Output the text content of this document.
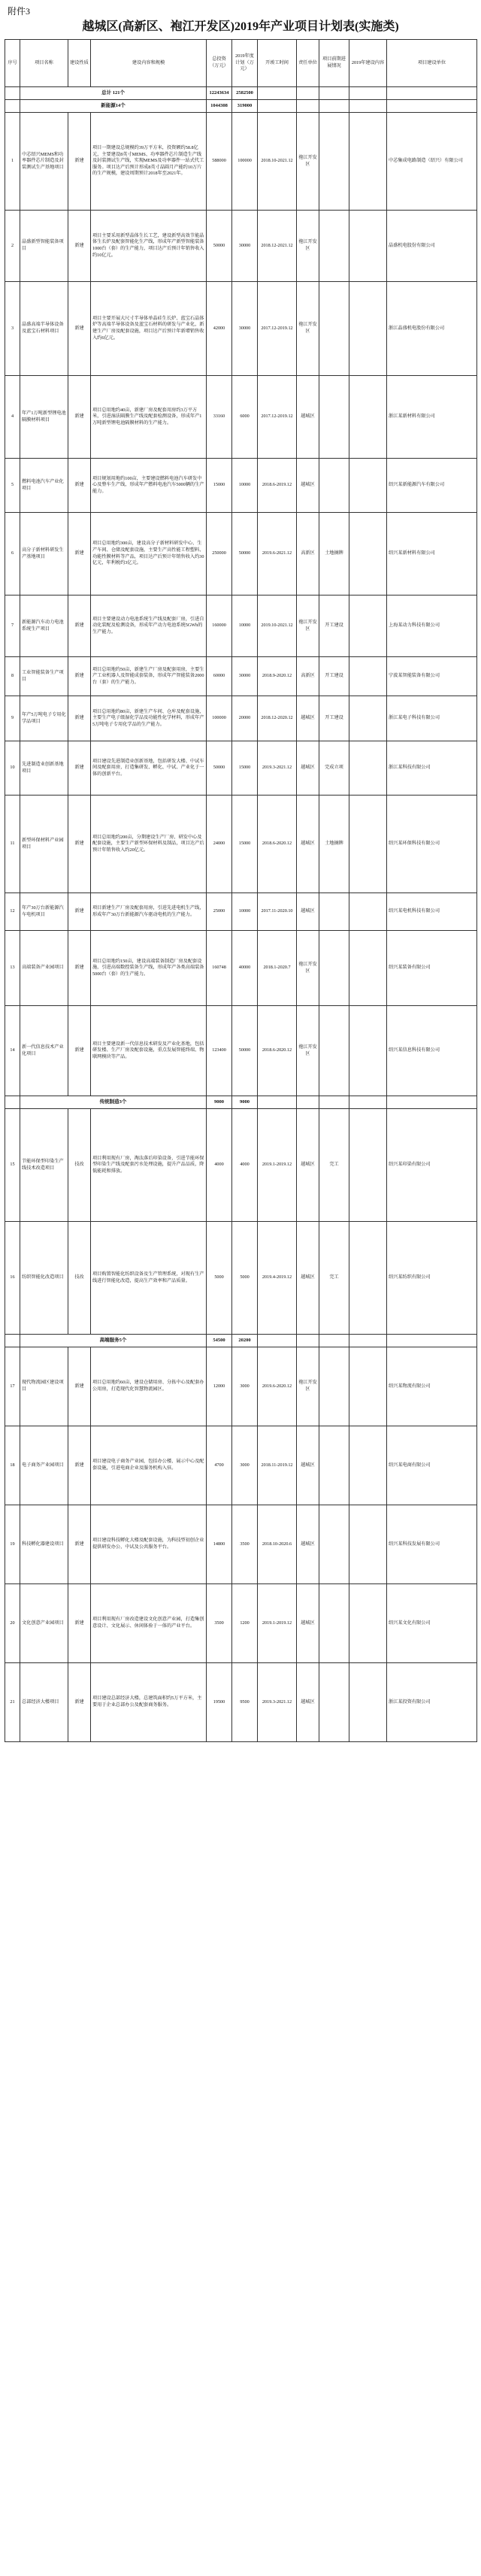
附件3
越城区(高新区、袍江开发区)2019年产业项目计划表(实施类)
序号	项目名称	建设性质	建设内容和规模	总投资（万元）	2019年度计划（万元）	开竣工时间	责任单位	项目前期进展情况	2019年建设内容	项目建设单位
	总计 121个			12243634	2582500					
	新能源14个			1044308	319000					
1	中芯绍兴MEMS和功率器件芯片制造及封装测试生产基地项目	新建	项目一期建设总规模约39万平方米，投资额约58.8亿元，主要建设8英寸MEMS、功率器件芯片制造生产线及封装测试生产线，实现MEMS及功率器件一站式代工服务。项目达产后预计形成8英寸晶圆月产能约10万片的生产规模，建设周期预计2018年至2021年。	588000	100000	2018.10-2021.12	袍江开发区			中芯集成电路制造（绍兴）有限公司
2	晶盛新型智能装备项目	新建	项目主要采用新型晶体生长工艺，建设新型高效节能晶体生长炉及配套智能化生产线，形成年产新型智能装备1000台（套）的生产能力，项目达产后预计年销售收入约10亿元。	50000	30000	2018.12-2021.12	袍江开发区			晶盛机电股份有限公司
3	晶盛高端半导体设备及蓝宝石材料项目	新建	项目主要开展大尺寸半导体单晶硅生长炉、蓝宝石晶体炉等高端半导体设备及蓝宝石材料的研发与产业化，新建生产厂房及配套设施，项目达产后预计年新增销售收入约6亿元。	42000	30000	2017.12-2019.12	袍江开发区			浙江晶盛机电股份有限公司
4	年产1万吨新型锂电池隔膜材料项目	新建	项目总用地约40亩，新建厂房及配套用房约3万平方米，引进湿法隔膜生产线及配套检测设备，形成年产1万吨新型锂电池隔膜材料的生产能力。	33160	6000	2017.12-2019.12	越城区			浙江某新材料有限公司
5	燃料电池汽车产业化项目	新建	项目规划用地约100亩，主要建设燃料电池汽车研发中心及整车生产线，形成年产燃料电池汽车5000辆的生产能力。	15000	10000	2018.6-2019.12	越城区			绍兴某新能源汽车有限公司
6	高分子新材料研发生产基地项目	新建	项目总用地约300亩，建设高分子新材料研发中心、生产车间、仓储及配套设施，主要生产高性能工程塑料、功能性膜材料等产品，项目达产后预计年销售收入约30亿元，年利税约3亿元。	250000	50000	2019.6-2021.12	高新区	土地摘牌		绍兴某新材料有限公司
7	新能源汽车动力电池系统生产项目	新建	项目主要建设动力电池系统生产线及配套厂房，引进自动化装配及检测设备，形成年产动力电池系统5GWh的生产能力。	160000	10000	2019.10-2021.12	袍江开发区	开工建设		上海某动力科技有限公司
8	工业智能装备生产项目	新建	项目总用地约50亩，新建生产厂房及配套用房，主要生产工业机器人及智能成套装备，形成年产智能装备2000台（套）的生产能力。	60000	30000	2018.9-2020.12	高新区	开工建设		宁波某智能装备有限公司
9	年产5万吨电子专用化学品项目	新建	项目总用地约80亩，新建生产车间、仓库及配套设施，主要生产电子级湿化学品及功能性化学材料，形成年产5万吨电子专用化学品的生产能力。	100000	20000	2018.12-2020.12	越城区	开工建设		浙江某电子科技有限公司
10	先进制造业创新基地项目	新建	项目建设先进制造业创新基地，包括研发大楼、中试车间及配套用房，打造集研发、孵化、中试、产业化于一体的创新平台。	50000	15000	2019.3-2021.12	越城区	完成立项		浙江某科技有限公司
11	新型环保材料产业园项目	新建	项目总用地约200亩，分期建设生产厂房、研发中心及配套设施，主要生产新型环保材料及制品，项目达产后预计年销售收入约20亿元。	24000	15000	2018.6-2020.12	越城区	土地摘牌		绍兴某环保科技有限公司
12	年产30万台新能源汽车电机项目	新建	项目新建生产厂房及配套用房，引进先进电机生产线，形成年产30万台新能源汽车驱动电机的生产能力。	25000	10000	2017.11-2020.10	越城区			绍兴某电机科技有限公司
13	高端装备产业园项目	新建	项目总用地约150亩，建设高端装备制造厂房及配套设施，引进高端数控装备生产线，形成年产各类高端装备5000台（套）的生产能力。	160748	40000	2018.1-2020.7	袍江开发区			绍兴某装备有限公司
14	新一代信息技术产业化项目	新建	项目主要建设新一代信息技术研发及产业化基地，包括研发楼、生产厂房及配套设施，重点发展智能终端、物联网模块等产品。	123400	50000	2018.6-2020.12	袍江开发区			绍兴某信息科技有限公司
	传统制造3个			9000	9000					
15	节能环保型印染生产线技术改造项目	技改	项目利用现有厂房，淘汰落后印染设备，引进节能环保型印染生产线及配套污水处理设施，提升产品品质，降低能耗和排放。	4000	4000	2019.1-2019.12	越城区	完工		绍兴某印染有限公司
16	纺织智能化改造项目	技改	项目购置智能化纺织设备及生产管理系统，对现有生产线进行智能化改造，提高生产效率和产品质量。	5000	5000	2019.4-2019.12	越城区	完工		绍兴某纺织有限公司
	高端服务5个			54500	20200					
17	现代物流园区建设项目	新建	项目总用地约60亩，建设仓储用房、分拣中心及配套办公用房，打造现代化智慧物流园区。	12000	3000	2019.6-2020.12	袍江开发区			绍兴某物流有限公司
18	电子商务产业园项目	新建	项目建设电子商务产业园，包括办公楼、展示中心及配套设施，引进电商企业及服务机构入驻。	4700	3000	2018.11-2019.12	越城区			绍兴某电商有限公司
19	科技孵化器建设项目	新建	项目建设科技孵化大楼及配套设施，为科技型初创企业提供研发办公、中试及公共服务平台。	14800	3500	2018.10-2020.6	越城区			绍兴某科技发展有限公司
20	文化创意产业园项目	新建	项目利用现有厂房改造建设文化创意产业园，打造集创意设计、文化展示、休闲体验于一体的产业平台。	3500	1200	2019.1-2019.12	越城区			绍兴某文化有限公司
21	总部经济大楼项目	新建	项目建设总部经济大楼，总建筑面积约5万平方米，主要用于企业总部办公及配套商务服务。	19500	9500	2019.3-2021.12	越城区			浙江某投资有限公司
